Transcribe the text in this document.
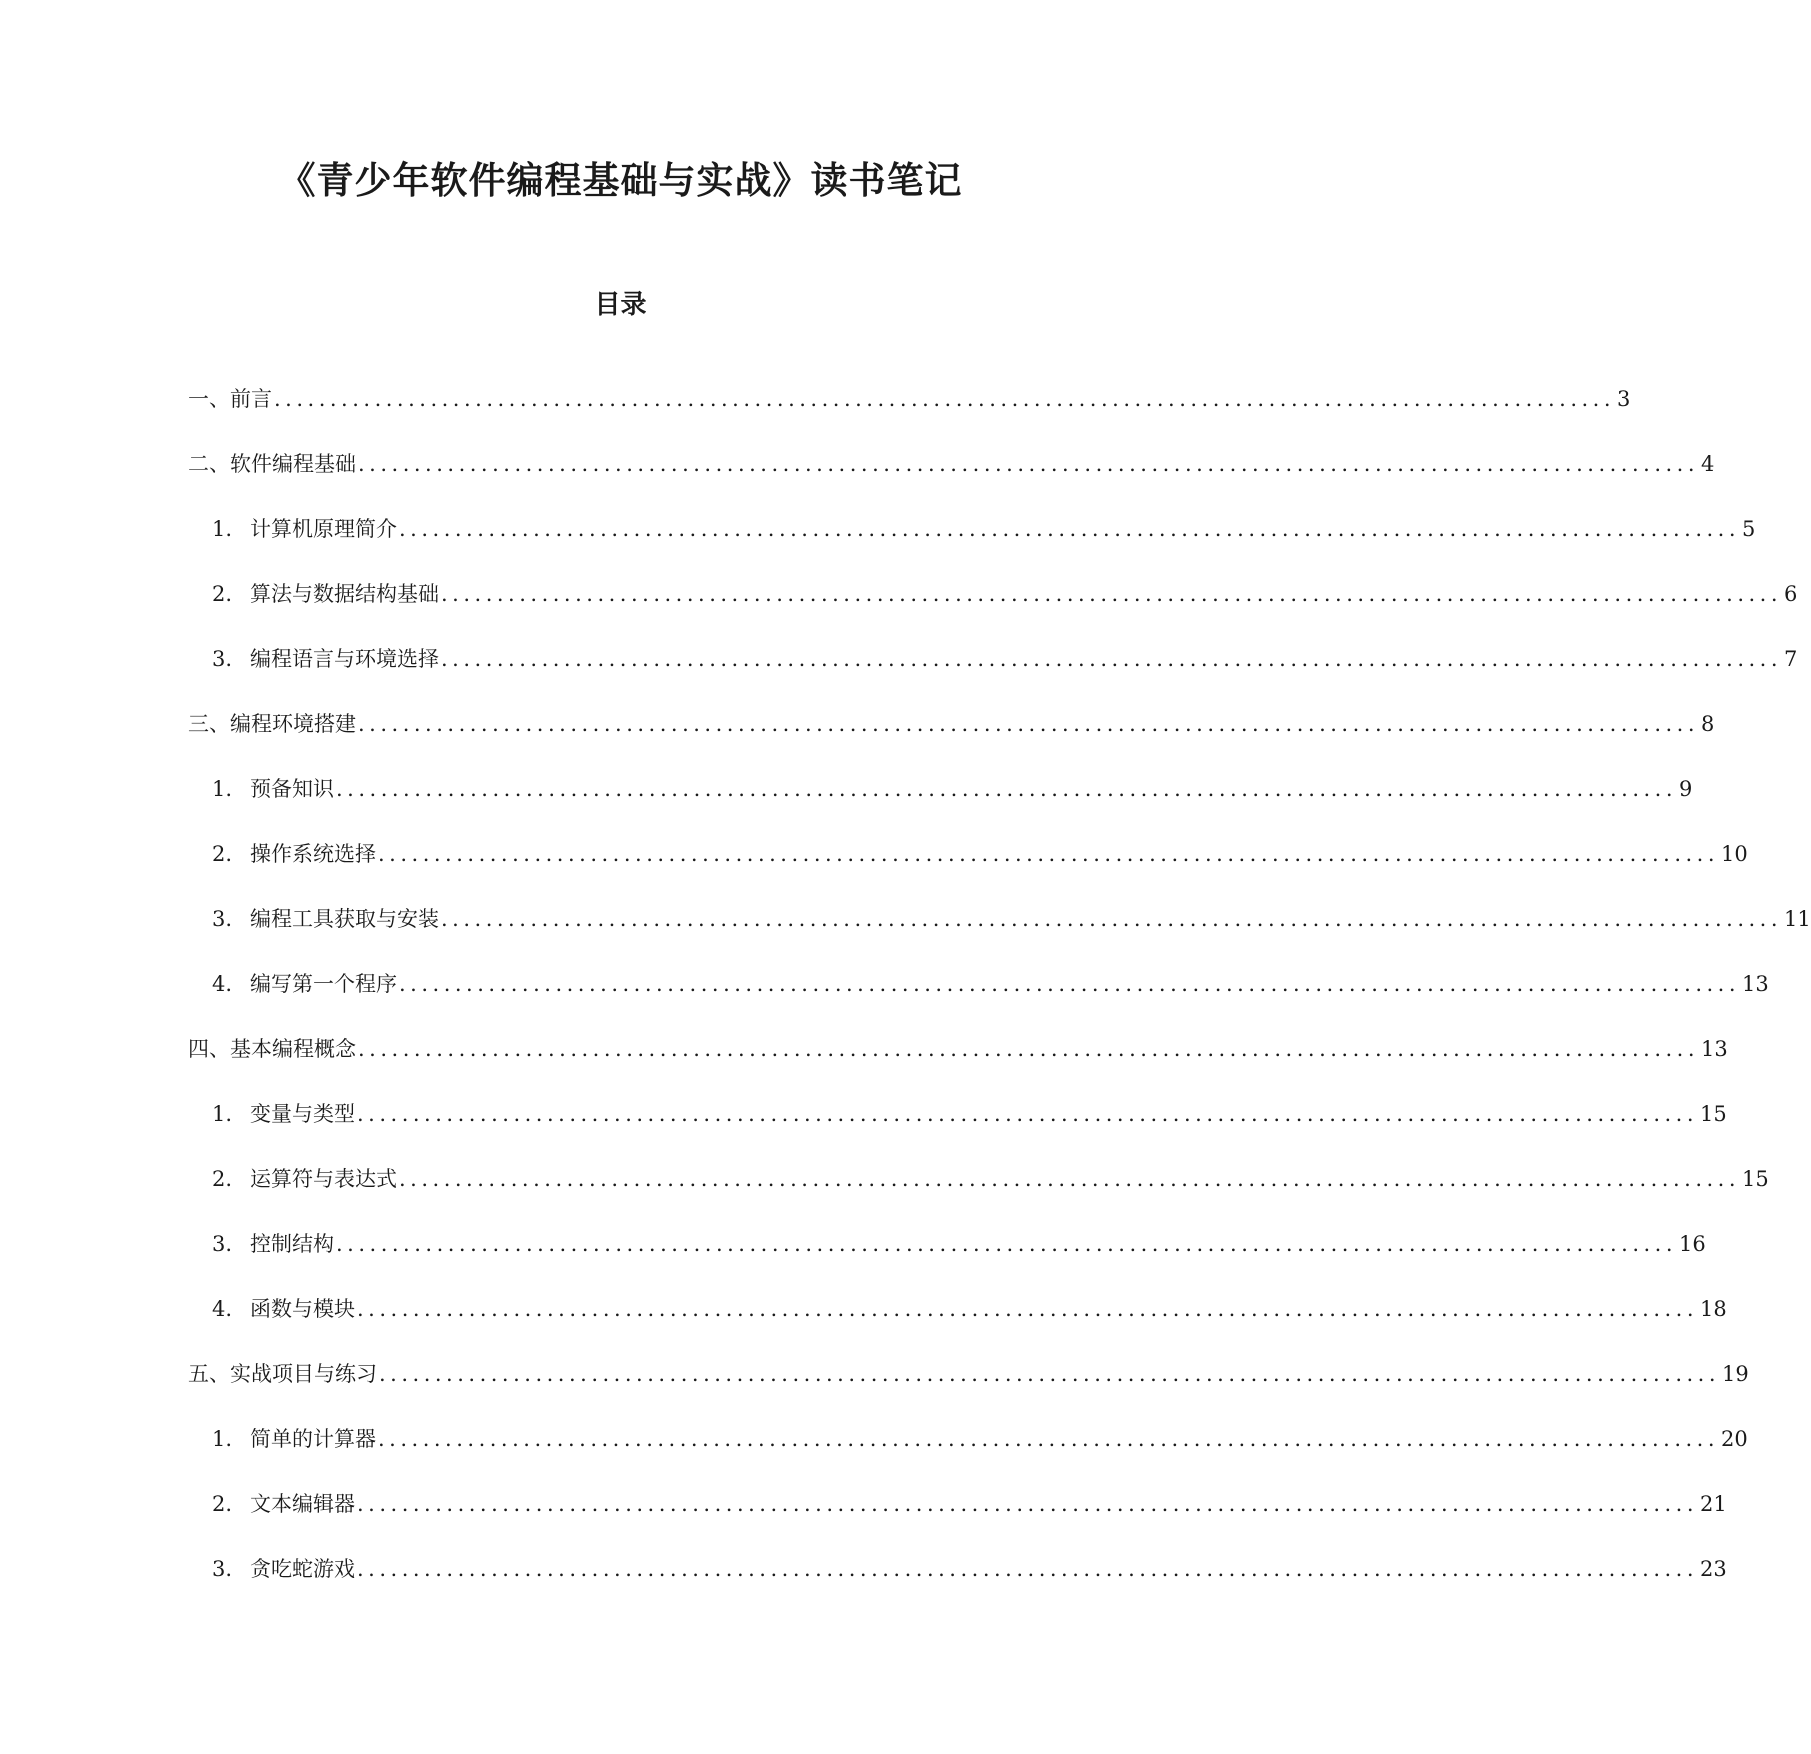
《青少年软件编程基础与实战》读书笔记
目录
一、前言 ........................................................................................................................ 3
二、软件编程基础 ........................................................................................................................ 4
1. 计算机原理简介 ........................................................................................................................ 5
2. 算法与数据结构基础 ........................................................................................................................ 6
3. 编程语言与环境选择 ........................................................................................................................ 7
三、编程环境搭建 ........................................................................................................................ 8
1. 预备知识 ........................................................................................................................ 9
2. 操作系统选择 ........................................................................................................................ 10
3. 编程工具获取与安装 ........................................................................................................................ 11
4. 编写第一个程序 ........................................................................................................................ 13
四、基本编程概念 ........................................................................................................................ 13
1. 变量与类型 ........................................................................................................................ 15
2. 运算符与表达式 ........................................................................................................................ 15
3. 控制结构 ........................................................................................................................ 16
4. 函数与模块 ........................................................................................................................ 18
五、实战项目与练习 ........................................................................................................................ 19
1. 简单的计算器 ........................................................................................................................ 20
2. 文本编辑器 ........................................................................................................................ 21
3. 贪吃蛇游戏 ........................................................................................................................ 23
